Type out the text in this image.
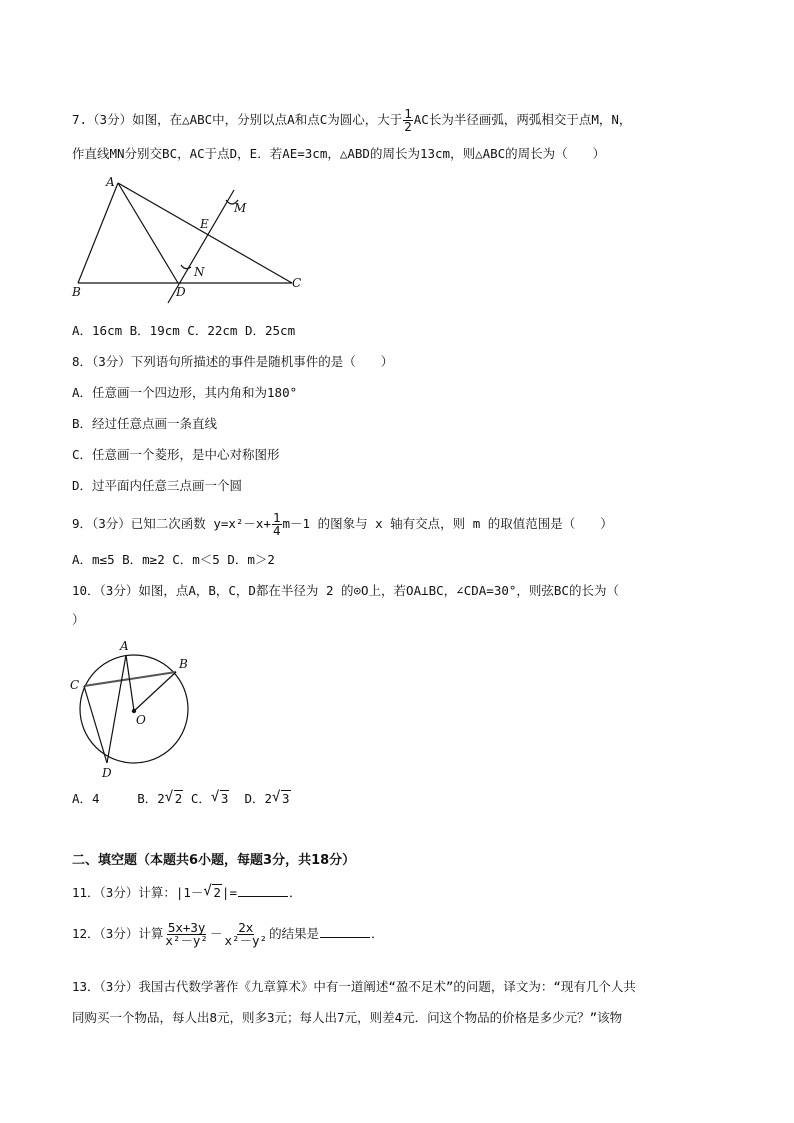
7.（3分）如图，在△ABC中，分别以点A和点C为圆心，大于 $\frac{1}{2}$ AC长为半径画弧，两弧相交于点M，N，
作直线MN分别交BC，AC于点D，E．若AE=3cm，△ABD的周长为13cm，则△ABC的周长为（　　）
A
B
C
D
E
M
N
A．16cm B．19cm C．22cm D．25cm
8．（3分）下列语句所描述的事件是随机事件的是（　　）
A．任意画一个四边形，其内角和为180°
B．经过任意点画一条直线
C．任意画一个菱形，是中心对称图形
D．过平面内任意三点画一个圆
9．（3分）已知二次函数 $y=x^2-x+ \frac{1}{4} m-1$ 的图象与 x 轴有交点，则 m 的取值范围是（　　）
A．m≤5 B．m≥2 C．m＜5 D．m＞2
10．（3分）如图，点A，B，C，D都在半径为 2 的⊙O上，若OA⊥BC，∠CDA=30°，则弦BC的长为（
）
A
B
C
D
O
A．4	B．2 √ 2 C． √ 3 D．2 √ 3
二、填空题（本题共6小题，每题3分，共18分）
11．（3分）计算：|1－ √ 2|=	．
12．（3分）计算 $\frac{5x+3y}{\text{x²－y²}} - \frac{2x}{\text{x²－y²}}$ 的结果是	．
13．（3分）我国古代数学著作《九章算术》中有一道阐述“盈不足术”的问题，译文为：“现有几个人共
同购买一个物品，每人出8元，则多3元；每人出7元，则差4元．问这个物品的价格是多少元？”该物
